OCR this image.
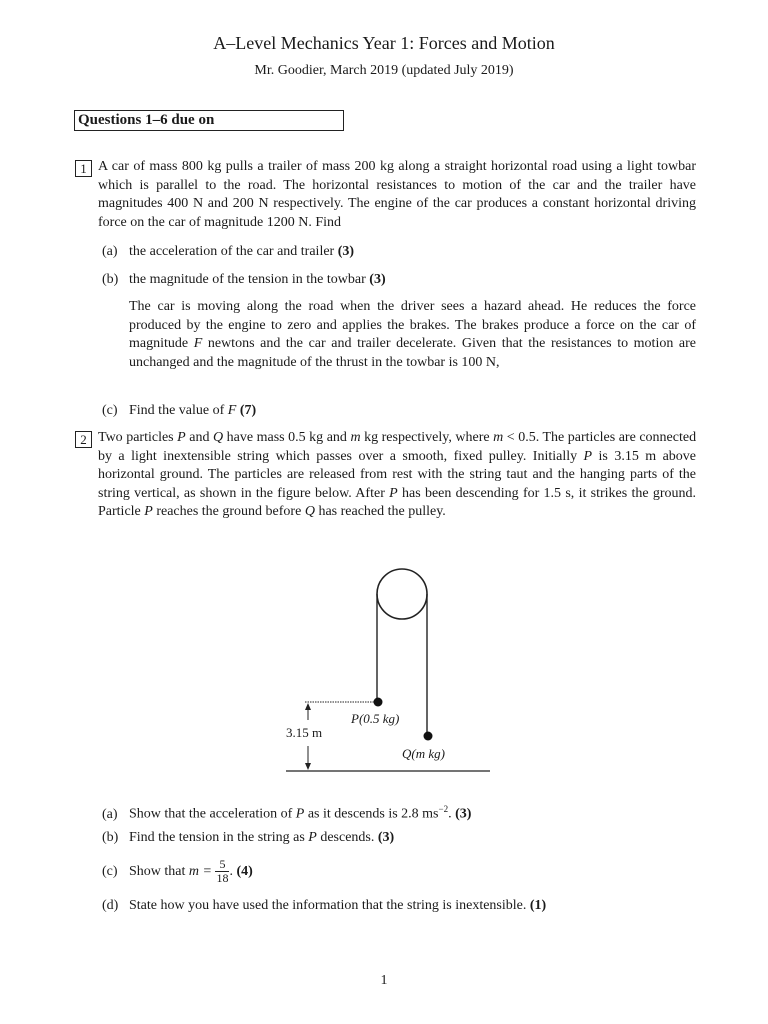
A–Level Mechanics Year 1: Forces and Motion
Mr. Goodier, March 2019 (updated July 2019)
Questions 1–6 due on
1 A car of mass 800 kg pulls a trailer of mass 200 kg along a straight horizontal road using a light towbar which is parallel to the road. The horizontal resistances to motion of the car and the trailer have magnitudes 400 N and 200 N respectively. The engine of the car produces a constant horizontal driving force on the car of magnitude 1200 N. Find
(a) the acceleration of the car and trailer (3)
(b) the magnitude of the tension in the towbar (3)
The car is moving along the road when the driver sees a hazard ahead. He reduces the force produced by the engine to zero and applies the brakes. The brakes produce a force on the car of magnitude F newtons and the car and trailer decelerate. Given that the resistances to motion are unchanged and the magnitude of the thrust in the towbar is 100 N,
(c) Find the value of F (7)
2 Two particles P and Q have mass 0.5 kg and m kg respectively, where m < 0.5. The particles are connected by a light inextensible string which passes over a smooth, fixed pulley. Initially P is 3.15 m above horizontal ground. The particles are released from rest with the string taut and the hanging parts of the string vertical, as shown in the figure below. After P has been descending for 1.5 s, it strikes the ground. Particle P reaches the ground before Q has reached the pulley.
3.15 m
P(0.5 kg)
Q(m kg)
(a) Show that the acceleration of P as it descends is 2.8 $ms^{-2}$. (3)
(b) Find the tension in the string as P descends. (3)
(c) Show that $m = \frac{5}{18}$ . (4)
(d) State how you have used the information that the string is inextensible. (1)
1
